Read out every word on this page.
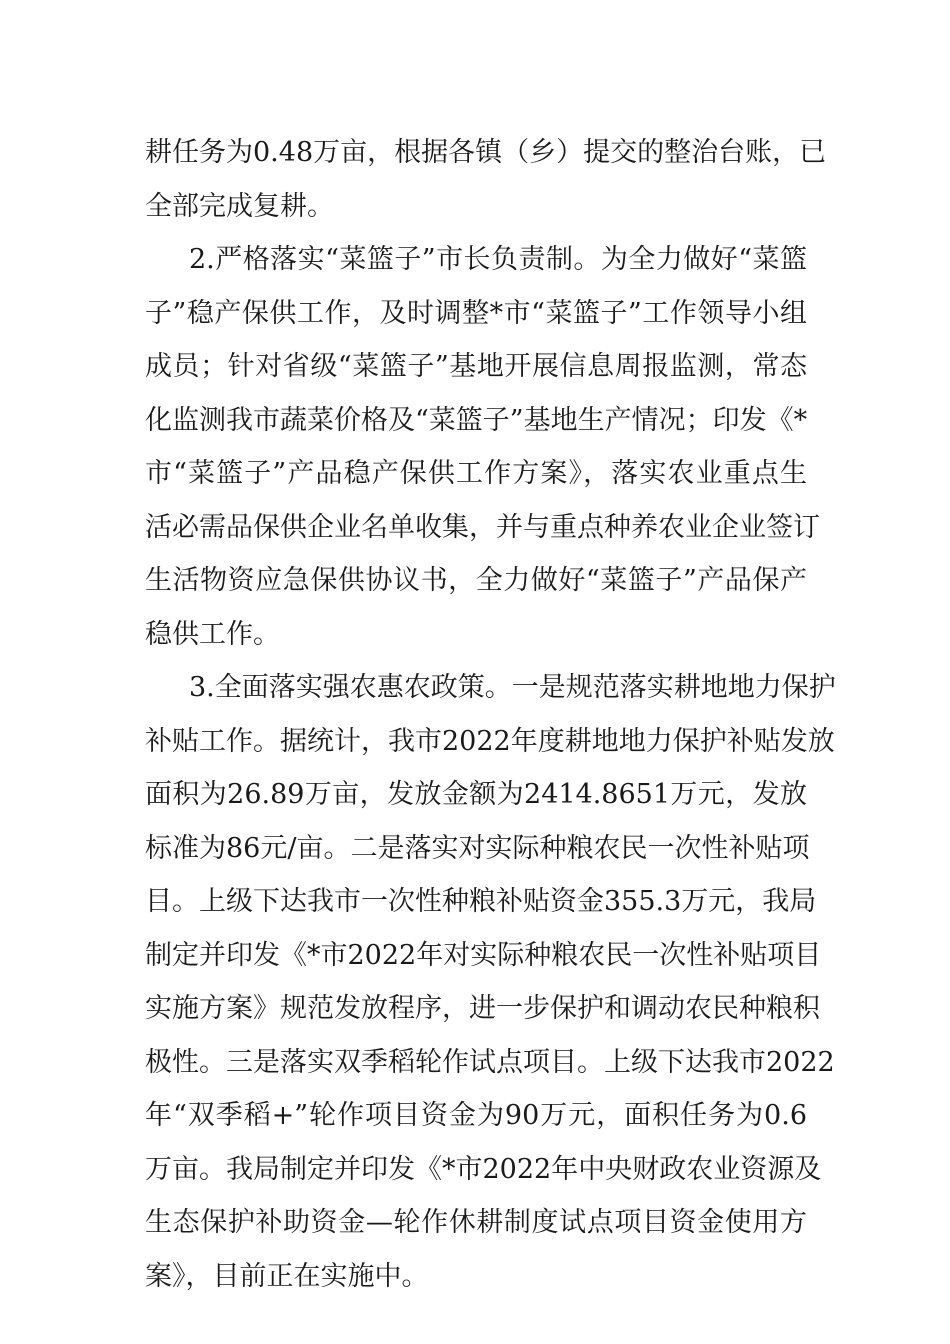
耕任务为0.48万亩，根据各镇（乡）提交的整治台账，已
全部完成复耕。
2.严格落实“菜篮子”市长负责制。为全力做好“菜篮
子”稳产保供工作，及时调整*市“菜篮子”工作领导小组
成员；针对省级“菜篮子”基地开展信息周报监测，常态
化监测我市蔬菜价格及“菜篮子”基地生产情况；印发《*
市“菜篮子”产品稳产保供工作方案》，落实农业重点生
活必需品保供企业名单收集，并与重点种养农业企业签订
生活物资应急保供协议书，全力做好“菜篮子”产品保产
稳供工作。
3.全面落实强农惠农政策。一是规范落实耕地地力保护
补贴工作。据统计，我市2022年度耕地地力保护补贴发放
面积为26.89万亩，发放金额为2414.8651万元，发放
标准为86元/亩。二是落实对实际种粮农民一次性补贴项
目。上级下达我市一次性种粮补贴资金355.3万元，我局
制定并印发《*市2022年对实际种粮农民一次性补贴项目
实施方案》规范发放程序，进一步保护和调动农民种粮积
极性。三是落实双季稻轮作试点项目。上级下达我市2022
年“双季稻+”轮作项目资金为90万元，面积任务为0.6
万亩。我局制定并印发《*市2022年中央财政农业资源及
生态保护补助资金—轮作休耕制度试点项目资金使用方
案》，目前正在实施中。
